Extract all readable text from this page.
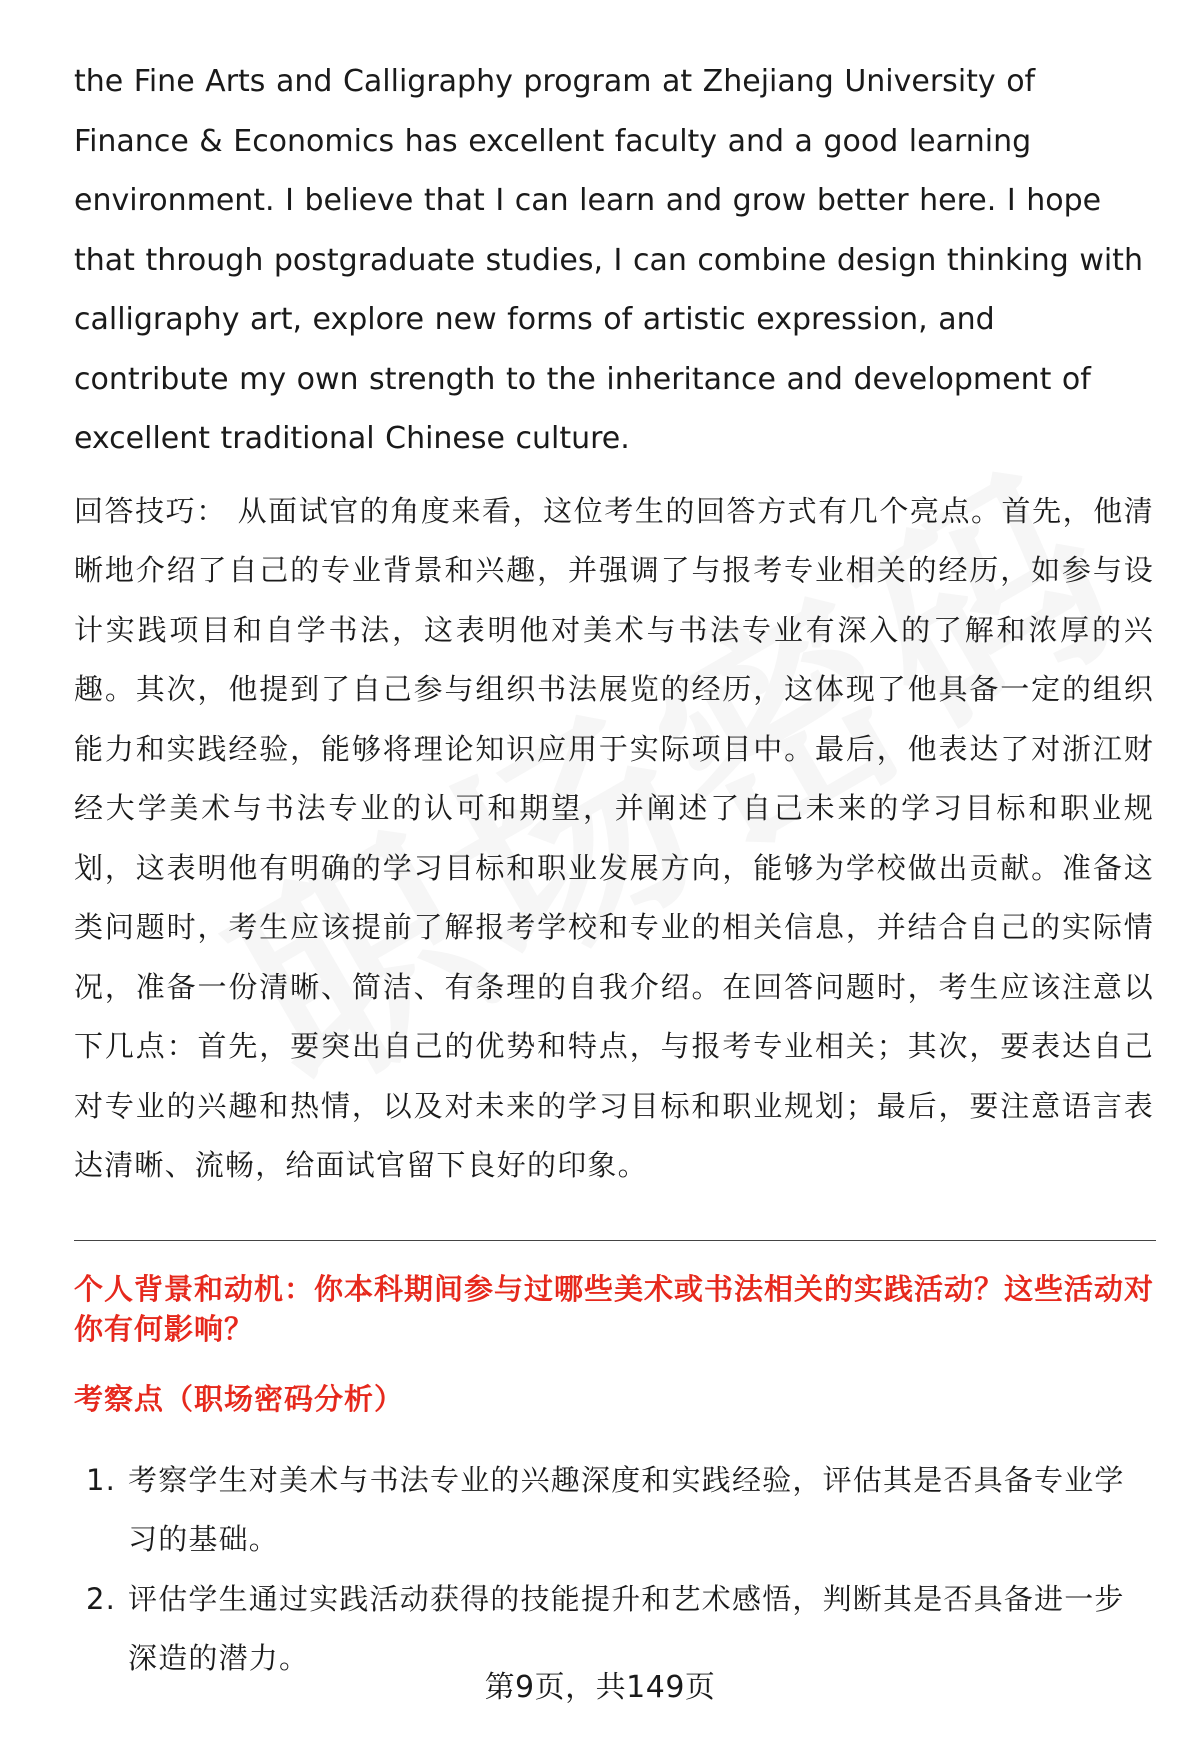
the Fine Arts and Calligraphy program at Zhejiang University of Finance & Economics has excellent faculty and a good learning environment. I believe that I can learn and grow better here. I hope that through postgraduate studies, I can combine design thinking with calligraphy art, explore new forms of artistic expression, and contribute my own strength to the inheritance and development of excellent traditional Chinese culture.

回答技巧： 从面试官的角度来看，这位考生的回答方式有几个亮点。首先，他清晰地介绍了自己的专业背景和兴趣，并强调了与报考专业相关的经历，如参与设计实践项目和自学书法，这表明他对美术与书法专业有深入的了解和浓厚的兴趣。其次，他提到了自己参与组织书法展览的经历，这体现了他具备一定的组织能力和实践经验，能够将理论知识应用于实际项目中。最后，他表达了对浙江财经大学美术与书法专业的认可和期望，并阐述了自己未来的学习目标和职业规划，这表明他有明确的学习目标和职业发展方向，能够为学校做出贡献。准备这类问题时，考生应该提前了解报考学校和专业的相关信息，并结合自己的实际情况，准备一份清晰、简洁、有条理的自我介绍。在回答问题时，考生应该注意以下几点：首先，要突出自己的优势和特点，与报考专业相关；其次，要表达自己对专业的兴趣和热情，以及对未来的学习目标和职业规划；最后，要注意语言表达清晰、流畅，给面试官留下良好的印象。

个人背景和动机：你本科期间参与过哪些美术或书法相关的实践活动？这些活动对你有何影响？

考察点（职场密码分析）

1. 考察学生对美术与书法专业的兴趣深度和实践经验，评估其是否具备专业学习的基础。
2. 评估学生通过实践活动获得的技能提升和艺术感悟，判断其是否具备进一步深造的潜力。
第9页，共149页
